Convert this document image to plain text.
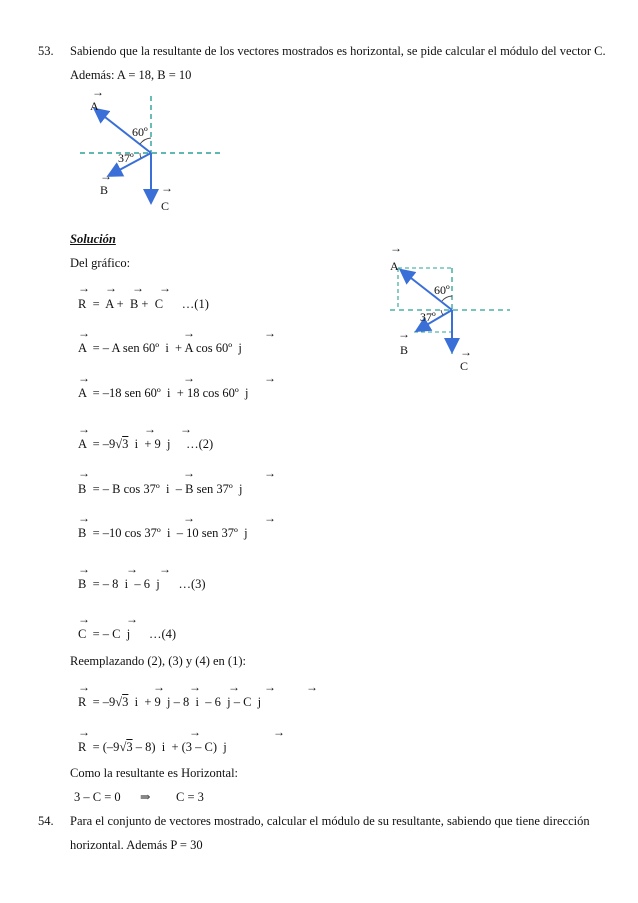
53. Sabiendo que la resultante de los vectores mostrados es horizontal, se pide calcular el módulo del vector C.
Además: A = 18, B = 10
→
A
60º
37º
→
B	→
C
→
A
60º
37º
→
B	→
C
Solución
Del gráfico:
→     →     →     →
R  =  A +  B +  C      …(1)
→                               →                       →
A  = – A sen 60º  i  + A cos 60º  j
→                               →                       →
A  = –18 sen 60º  i  + 18 cos 60º  j
→                  →        →
A  = –9√3  i  + 9  j     …(2)
→                               →                       →
B  = – B cos 37º  i  – B sen 37º  j
→                               →                       →
B  = –10 cos 37º  i  – 10 sen 37º  j
→            →       →
B  = – 8  i  – 6  j      …(3)
→            →
C  = – C  j      …(4)
Reemplazando (2), (3) y (4) en (1):
→                     →        →         →        →          →
R  = –9√3  i  + 9  j – 8  i  – 6  j – C  j
→                                 →                        →
R  = (–9√3 – 8)  i  + (3 – C)  j
Como la resultante es Horizontal:
3 – C = 0 ⇒ C = 3
54. Para el conjunto de vectores mostrado, calcular el módulo de su resultante, sabiendo que tiene dirección
horizontal. Además P = 30
